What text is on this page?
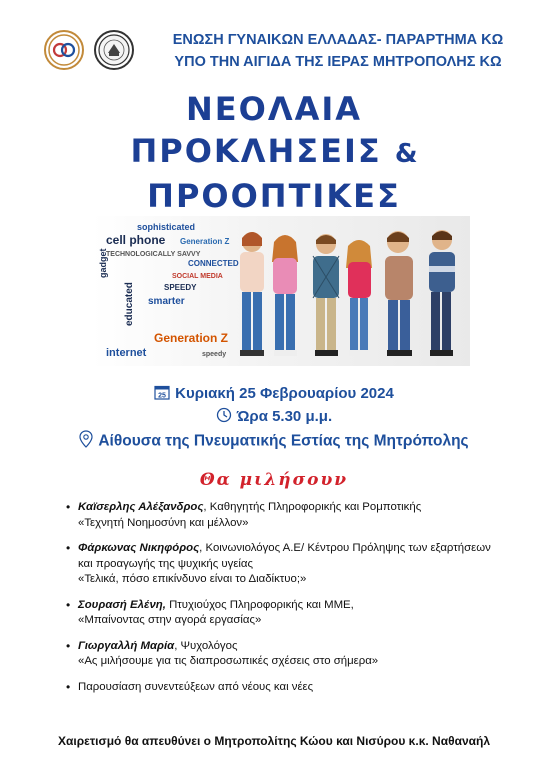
ΕΝΩΣΗ ΓΥΝΑΙΚΩΝ ΕΛΛΑΔΑΣ- ΠΑΡΑΡΤΗΜΑ ΚΩ
ΥΠΟ ΤΗΝ ΑΙΓΙΔΑ ΤΗΣ ΙΕΡΑΣ ΜΗΤΡΟΠΟΛΗΣ ΚΩ
ΝΕΟΛΑΙΑ
ΠΡΟΚΛΗΣΕΙΣ &
ΠΡΟΟΠΤΙΚΕΣ
sophisticated
cell phone Generation Z
TECHNOLOGICALLY SAVVY
gadget	CONNECTED
SOCIAL MEDIA
SPEEDY
smarter
educated
Generation Z
internet	speedy
25 Κυριακή 25 Φεβρουαρίου 2024
Ώρα 5.30 μ.μ.
Αίθουσα της Πνευματικής Εστίας της Μητρόπολης
Θα μιλήσουν
• Καϊσερλης Αλέξανδρος, Καθηγητής Πληροφορικής και Ρομποτικής
«Τεχνητή Νοημοσύνη και μέλλον»
• Φάρκωνας Νικηφόρος, Κοινωνιολόγος Α.Ε/ Κέντρου Πρόληψης των εξαρτήσεων και προαγωγής της ψυχικής υγείας
«Τελικά, πόσο επικίνδυνο είναι το Διαδίκτυο;»
• Σουρασή Ελένη, Πτυχιούχος Πληροφορικής και ΜΜΕ,
«Μπαίνοντας στην αγορά εργασίας»
• Γιωργαλλή Μαρία, Ψυχολόγος
«Ας μιλήσουμε για τις διαπροσωπικές σχέσεις στο σήμερα»
• Παρουσίαση συνεντεύξεων από νέους και νέες
Χαιρετισμό θα απευθύνει ο Μητροπολίτης Κώου και Νισύρου κ.κ. Ναθαναήλ
